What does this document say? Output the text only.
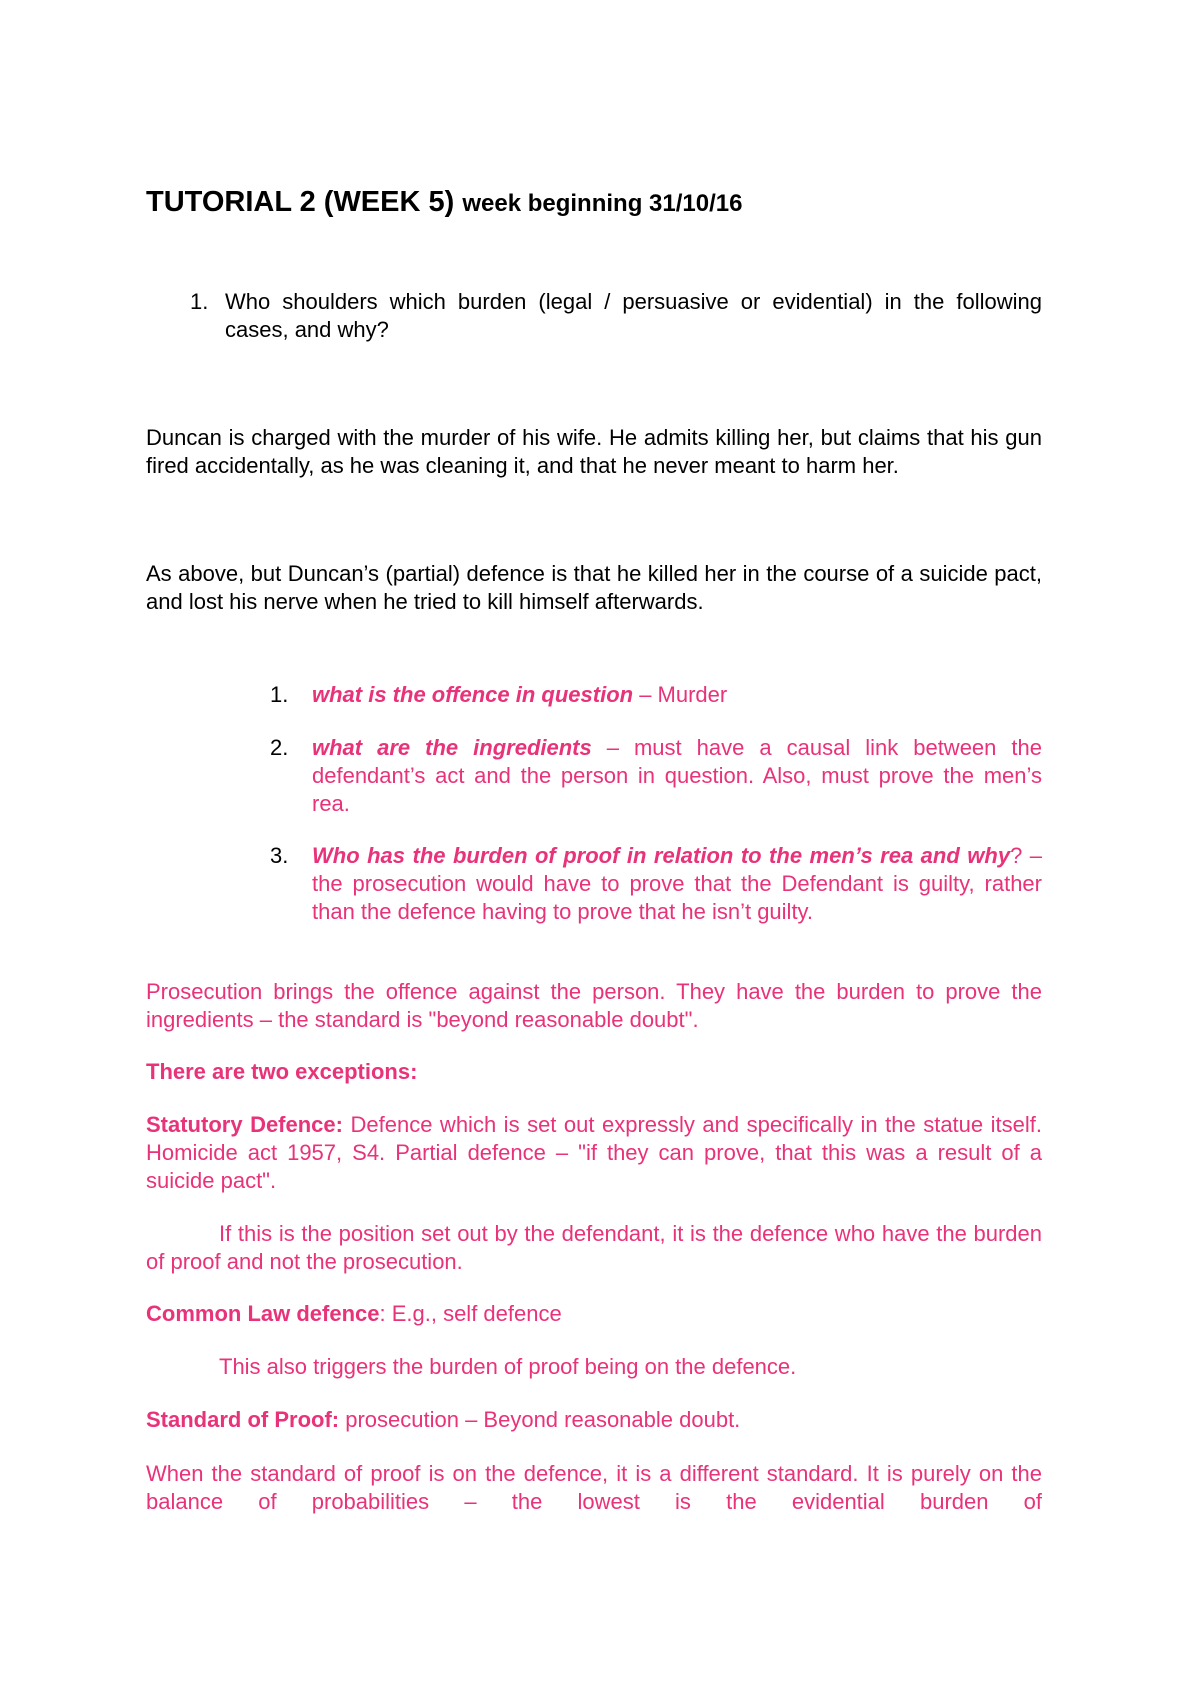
TUTORIAL 2 (WEEK 5) week beginning 31/10/16
1. Who shoulders which burden (legal / persuasive or evidential) in the following cases, and why?

Duncan is charged with the murder of his wife. He admits killing her, but claims that his gun fired accidentally, as he was cleaning it, and that he never meant to harm her.

As above, but Duncan’s (partial) defence is that he killed her in the course of a suicide pact, and lost his nerve when he tried to kill himself afterwards.

1. what is the offence in question – Murder
2. what are the ingredients – must have a causal link between the defendant’s act and the person in question. Also, must prove the men’s rea.
3. Who has the burden of proof in relation to the men’s rea and why? – the prosecution would have to prove that the Defendant is guilty, rather than the defence having to prove that he isn’t guilty.

Prosecution brings the offence against the person. They have the burden to prove the ingredients – the standard is "beyond reasonable doubt".

There are two exceptions:

Statutory Defence: Defence which is set out expressly and specifically in the statue itself. Homicide act 1957, S4. Partial defence – "if they can prove, that this was a result of a suicide pact".

If this is the position set out by the defendant, it is the defence who have the burden of proof and not the prosecution.

Common Law defence: E.g., self defence

This also triggers the burden of proof being on the defence.

Standard of Proof: prosecution – Beyond reasonable doubt.

When the standard of proof is on the defence, it is a different standard. It is purely on the balance of probabilities – the lowest is the evidential burden of
